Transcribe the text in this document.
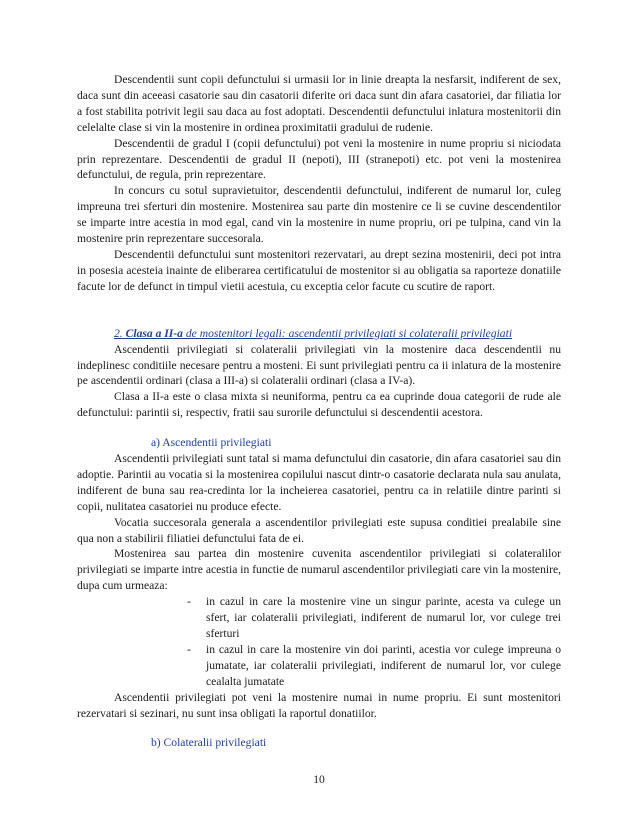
Descendentii sunt copii defunctului si urmasii lor in linie dreapta la nesfarsit, indiferent de sex, daca sunt din aceeasi casatorie sau din casatorii diferite ori daca sunt din afara casatoriei, dar filiatia lor a fost stabilita potrivit legii sau daca au fost adoptati. Descendentii defunctului inlatura mostenitorii din celelalte clase si vin la mostenire in ordinea proximitatii gradului de rudenie.

Descendentii de gradul I (copii defunctului) pot veni la mostenire in nume propriu si niciodata prin reprezentare. Descendentii de gradul II (nepoti), III (stranepoti) etc. pot veni la mostenirea defunctului, de regula, prin reprezentare.

In concurs cu sotul supravietuitor, descendentii defunctului, indiferent de numarul lor, culeg impreuna trei sferturi din mostenire. Mostenirea sau parte din mostenire ce li se cuvine descendentilor se imparte intre acestia in mod egal, cand vin la mostenire in nume propriu, ori pe tulpina, cand vin la mostenire prin reprezentare succesorala.

Descendentii defunctului sunt mostenitori rezervatari, au drept sezina mostenirii, deci pot intra in posesia acesteia inainte de eliberarea certificatului de mostenitor si au obligatia sa raporteze donatiile facute lor de defunct in timpul vietii acestuia, cu exceptia celor facute cu scutire de raport.

2. Clasa a II-a de mostenitori legali: ascendentii privilegiati si colateralii privilegiati

Ascendentii privilegiati si colateralii privilegiati vin la mostenire daca descendentii nu indeplinesc conditiile necesare pentru a mosteni. Ei sunt privilegiati pentru ca ii inlatura de la mostenire pe ascendentii ordinari (clasa a III-a) si colateralii ordinari (clasa a IV-a).

Clasa a II-a este o clasa mixta si neuniforma, pentru ca ea cuprinde doua categorii de rude ale defunctului: parintii si, respectiv, fratii sau surorile defunctului si descendentii acestora.

a) Ascendentii privilegiati

Ascendentii privilegiati sunt tatal si mama defunctului din casatorie, din afara casatoriei sau din adoptie. Parintii au vocatia si la mostenirea copilului nascut dintr-o casatorie declarata nula sau anulata, indiferent de buna sau rea-credinta lor la incheierea casatoriei, pentru ca in relatiile dintre parinti si copii, nulitatea casatoriei nu produce efecte.

Vocatia succesorala generala a ascendentilor privilegiati este supusa conditiei prealabile sine qua non a stabilirii filiatiei defunctului fata de ei.

Mostenirea sau partea din mostenire cuvenita ascendentilor privilegiati si colateralilor privilegiati se imparte intre acestia in functie de numarul ascendentilor privilegiati care vin la mostenire, dupa cum urmeaza:

- in cazul in care la mostenire vine un singur parinte, acesta va culege un sfert, iar colateralii privilegiati, indiferent de numarul lor, vor culege trei sferturi
- in cazul in care la mostenire vin doi parinti, acestia vor culege impreuna o jumatate, iar colateralii privilegiati, indiferent de numarul lor, vor culege cealalta jumatate

Ascendentii privilegiati pot veni la mostenire numai in nume propriu. Ei sunt mostenitori rezervatari si sezinari, nu sunt insa obligati la raportul donatiilor.

b) Colateralii privilegiati

10
